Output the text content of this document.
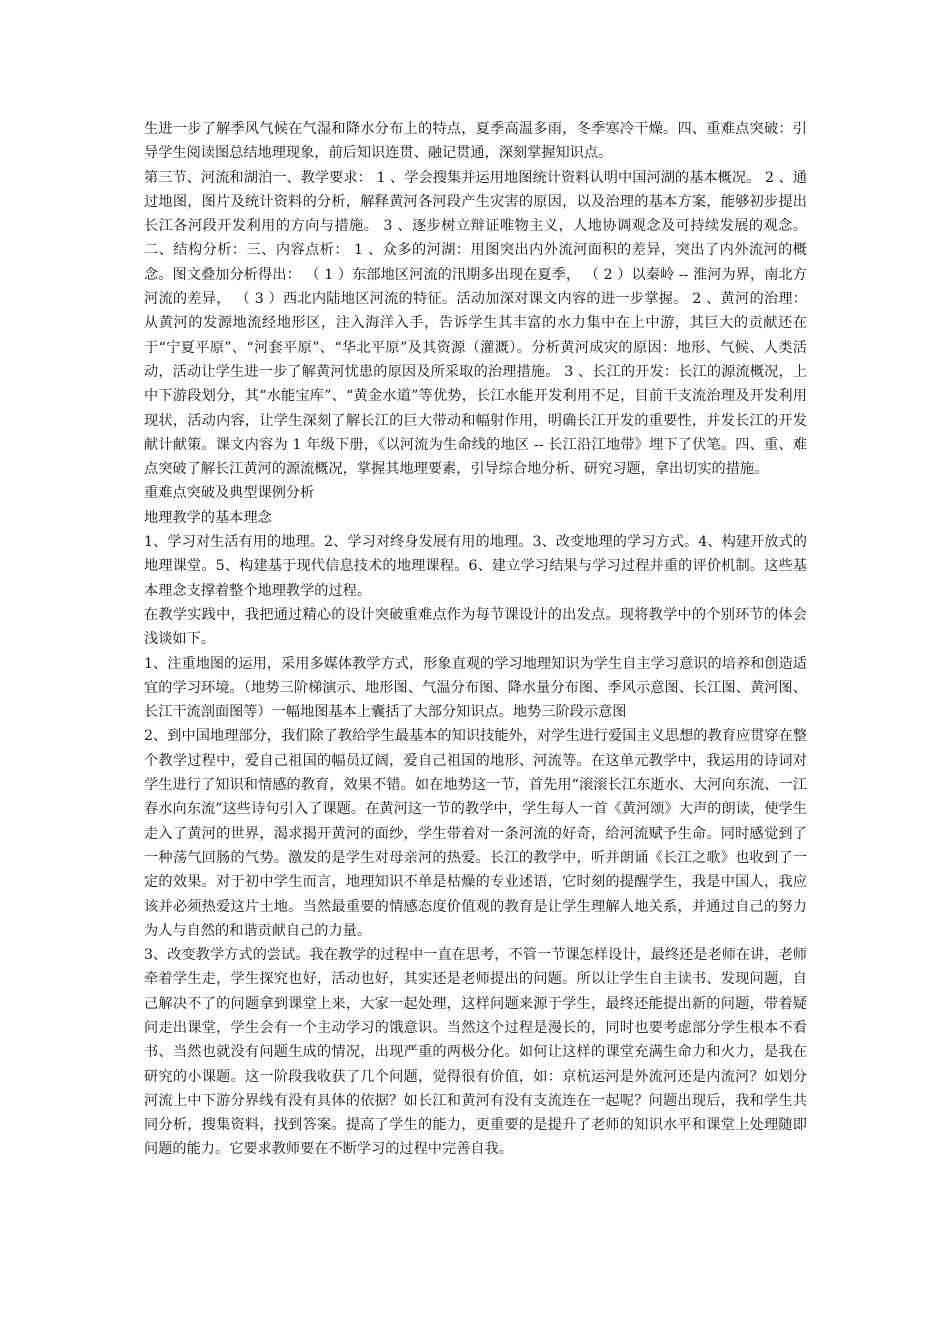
生进一步了解季风气候在气湿和降水分布上的特点，夏季高温多雨，冬季寒冷干燥。四、重难点突破：引导学生阅读图总结地理现象，前后知识连贯、融记贯通，深刻掌握知识点。

第三节、河流和湖泊一、教学要求： 1 、学会搜集并运用地图统计资料认明中国河湖的基本概况。 2 、通过地图，图片及统计资料的分析，解释黄河各河段产生灾害的原因，以及治理的基本方案，能够初步提出长江各河段开发利用的方向与措施。 3 、逐步树立辩证唯物主义，人地协调观念及可持续发展的观念。二、结构分析：三、内容点析： 1 、众多的河湖：用图突出内外流河面积的差异，突出了内外流河的概念。图文叠加分析得出： （ 1 ）东部地区河流的汛期多出现在夏季， （ 2 ）以秦岭 -- 淮河为界，南北方河流的差异， （ 3 ）西北内陆地区河流的特征。活动加深对课文内容的进一步掌握。 2 、黄河的治理：从黄河的发源地流经地形区，注入海洋入手，告诉学生其丰富的水力集中在上中游，其巨大的贡献还在于“宁夏平原”、“河套平原”、“华北平原”及其资源（灌溉）。分析黄河成灾的原因：地形、气候、人类活动，活动让学生进一步了解黄河忧患的原因及所采取的治理措施。 3 、长江的开发：长江的源流概况，上中下游段划分，其“水能宝库”、“黄金水道”等优势，长江水能开发利用不足，目前干支流治理及开发利用现状，活动内容，让学生深刻了解长江的巨大带动和幅射作用，明确长江开发的重要性，并发长江的开发献计献策。课文内容为 1 年级下册，《以河流为生命线的地区 -- 长江沿江地带》埋下了伏笔。四、重、难点突破了解长江黄河的源流概况，掌握其地理要素，引导综合地分析、研究习题，拿出切实的措施。

重难点突破及典型课例分析

地理教学的基本理念

1、学习对生活有用的地理。2、学习对终身发展有用的地理。3、改变地理的学习方式。4、构建开放式的地理课堂。5、构建基于现代信息技术的地理课程。6、建立学习结果与学习过程并重的评价机制。这些基本理念支撑着整个地理教学的过程。

在教学实践中，我把通过精心的设计突破重难点作为每节课设计的出发点。现将教学中的个别环节的体会浅谈如下。

1、注重地图的运用，采用多媒体教学方式，形象直观的学习地理知识为学生自主学习意识的培养和创造适宜的学习环境。（地势三阶梯演示、地形图、气温分布图、降水量分布图、季风示意图、长江图、黄河图、长江干流剖面图等）一幅地图基本上囊括了大部分知识点。地势三阶段示意图

2、到中国地理部分，我们除了教给学生最基本的知识技能外，对学生进行爱国主义思想的教育应贯穿在整个教学过程中，爱自己祖国的幅员辽阔，爱自己祖国的地形、河流等。在这单元教学中，我运用的诗词对学生进行了知识和情感的教育，效果不错。如在地势这一节，首先用“滚滚长江东逝水、大河向东流、一江春水向东流”这些诗句引入了课题。在黄河这一节的教学中，学生每人一首《黄河颂》大声的朗读，使学生走入了黄河的世界，渴求揭开黄河的面纱，学生带着对一条河流的好奇，给河流赋予生命。同时感觉到了一种荡气回肠的气势。激发的是学生对母亲河的热爱。长江的教学中，听并朗诵《长江之歌》也收到了一定的效果。对于初中学生而言，地理知识不单是枯燥的专业述语，它时刻的提醒学生，我是中国人，我应该并必须热爱这片土地。当然最重要的情感态度价值观的教育是让学生理解人地关系，并通过自己的努力为人与自然的和谐贡献自己的力量。

3、改变教学方式的尝试。我在教学的过程中一直在思考，不管一节课怎样设计，最终还是老师在讲，老师牵着学生走，学生探究也好，活动也好，其实还是老师提出的问题。所以让学生自主读书、发现问题，自己解决不了的问题拿到课堂上来，大家一起处理，这样问题来源于学生，最终还能提出新的问题，带着疑问走出课堂，学生会有一个主动学习的饿意识。当然这个过程是漫长的，同时也要考虑部分学生根本不看书、当然也就没有问题生成的情况，出现严重的两极分化。如何让这样的课堂充满生命力和火力，是我在研究的小课题。这一阶段我收获了几个问题，觉得很有价值，如：京杭运河是外流河还是内流河？如划分河流上中下游分界线有没有具体的依据？如长江和黄河有没有支流连在一起呢？问题出现后，我和学生共同分析，搜集资料，找到答案。提高了学生的能力，更重要的是提升了老师的知识水平和课堂上处理随即问题的能力。它要求教师要在不断学习的过程中完善自我。
